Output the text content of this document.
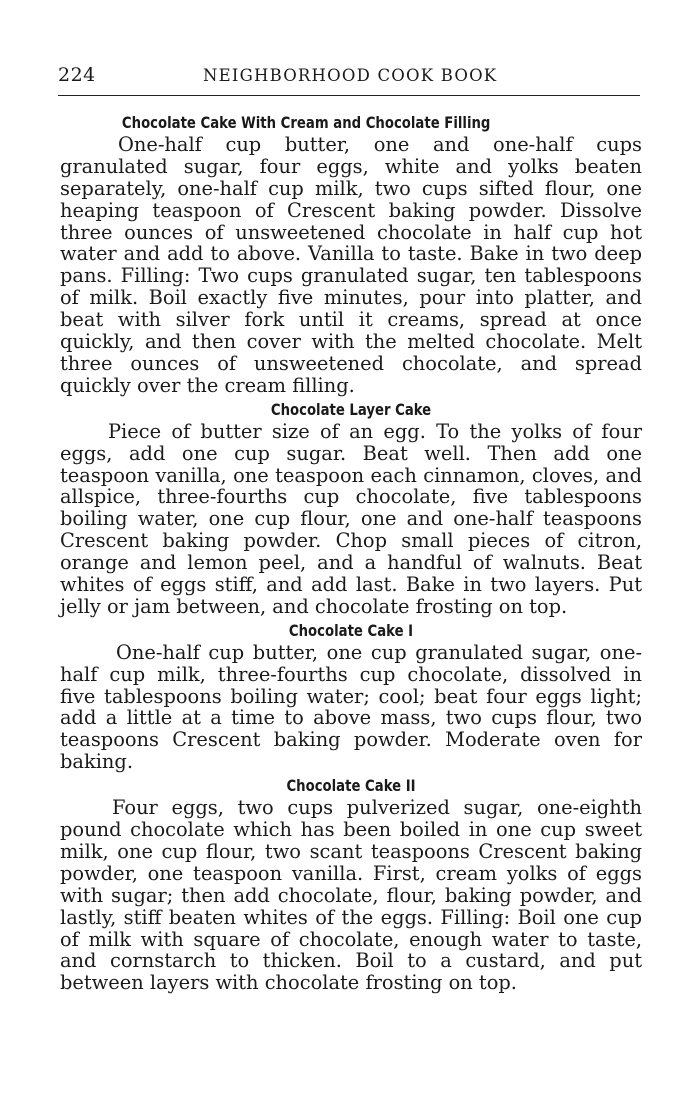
224	NEIGHBORHOOD COOK BOOK
Chocolate Cake With Cream and Chocolate Filling

One-half cup butter, one and one-half cups granulated sugar, four eggs, white and yolks beaten separately, one-half cup milk, two cups sifted flour, one heaping teaspoon of Crescent baking powder. Dissolve three ounces of unsweetened chocolate in half cup hot water and add to above. Vanilla to taste. Bake in two deep pans. Filling: Two cups granulated sugar, ten tablespoons of milk. Boil exactly five minutes, pour into platter, and beat with silver fork until it creams, spread at once quickly, and then cover with the melted chocolate. Melt three ounces of unsweetened chocolate, and spread quickly over the cream filling.

Chocolate Layer Cake

Piece of butter size of an egg. To the yolks of four eggs, add one cup sugar. Beat well. Then add one teaspoon vanilla, one teaspoon each cinnamon, cloves, and allspice, three-fourths cup chocolate, five tablespoons boiling water, one cup flour, one and one-half teaspoons Crescent baking powder. Chop small pieces of citron, orange and lemon peel, and a handful of walnuts. Beat whites of eggs stiff, and add last. Bake in two layers. Put jelly or jam between, and chocolate frosting on top.

Chocolate Cake I

One-half cup butter, one cup granulated sugar, one-half cup milk, three-fourths cup chocolate, dissolved in five tablespoons boiling water; cool; beat four eggs light; add a little at a time to above mass, two cups flour, two teaspoons Crescent baking powder. Moderate oven for baking.

Chocolate Cake II

Four eggs, two cups pulverized sugar, one-eighth pound chocolate which has been boiled in one cup sweet milk, one cup flour, two scant teaspoons Crescent baking powder, one teaspoon vanilla. First, cream yolks of eggs with sugar; then add chocolate, flour, baking powder, and lastly, stiff beaten whites of the eggs. Filling: Boil one cup of milk with square of chocolate, enough water to taste, and cornstarch to thicken. Boil to a custard, and put between layers with chocolate frosting on top.
